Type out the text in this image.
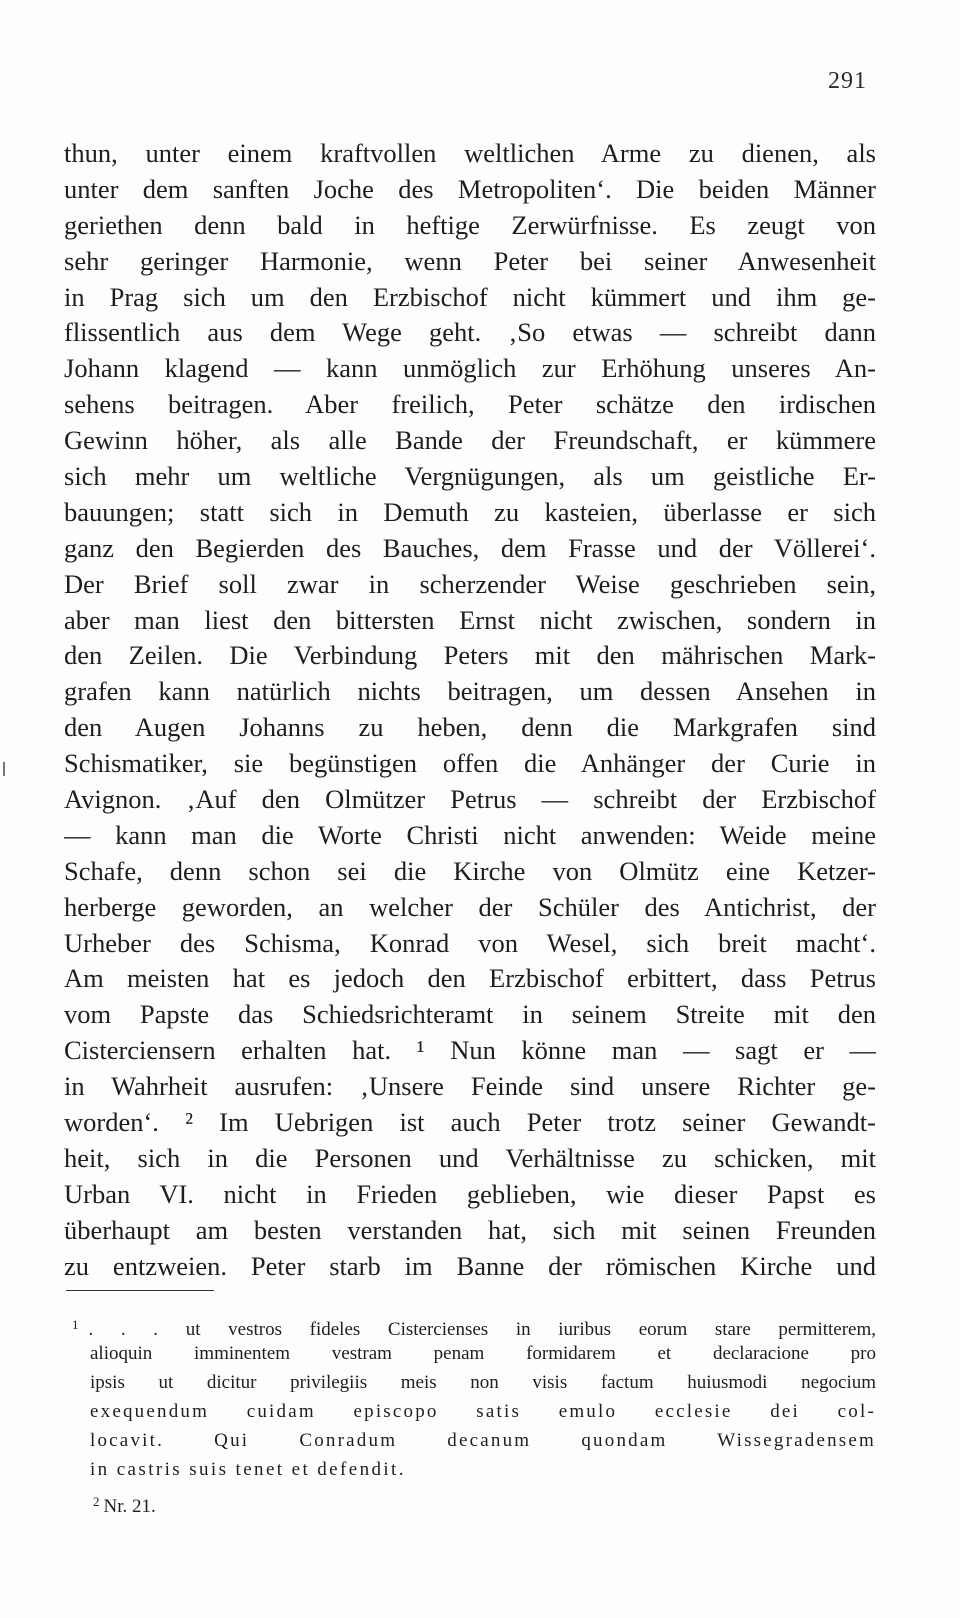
291
thun, unter einem kraftvollen weltlichen Arme zu dienen, als
unter dem sanften Joche des Metropoliten‘. Die beiden Männer
geriethen denn bald in heftige Zerwürfnisse. Es zeugt von
sehr geringer Harmonie, wenn Peter bei seiner Anwesenheit
in Prag sich um den Erzbischof nicht kümmert und ihm ge-
flissentlich aus dem Wege geht. ‚So etwas — schreibt dann
Johann klagend — kann unmöglich zur Erhöhung unseres An-
sehens beitragen. Aber freilich, Peter schätze den irdischen
Gewinn höher, als alle Bande der Freundschaft, er kümmere
sich mehr um weltliche Vergnügungen, als um geistliche Er-
bauungen; statt sich in Demuth zu kasteien, überlasse er sich
ganz den Begierden des Bauches, dem Frasse und der Völlerei‘.
Der Brief soll zwar in scherzender Weise geschrieben sein,
aber man liest den bittersten Ernst nicht zwischen, sondern in
den Zeilen. Die Verbindung Peters mit den mährischen Mark-
grafen kann natürlich nichts beitragen, um dessen Ansehen in
den Augen Johanns zu heben, denn die Markgrafen sind
Schismatiker, sie begünstigen offen die Anhänger der Curie in
Avignon. ‚Auf den Olmützer Petrus — schreibt der Erzbischof
— kann man die Worte Christi nicht anwenden: Weide meine
Schafe, denn schon sei die Kirche von Olmütz eine Ketzer-
herberge geworden, an welcher der Schüler des Antichrist, der
Urheber des Schisma, Konrad von Wesel, sich breit macht‘.
Am meisten hat es jedoch den Erzbischof erbittert, dass Petrus
vom Papste das Schiedsrichteramt in seinem Streite mit den
Cisterciensern erhalten hat. ¹ Nun könne man — sagt er —
in Wahrheit ausrufen: ‚Unsere Feinde sind unsere Richter ge-
worden‘. ² Im Uebrigen ist auch Peter trotz seiner Gewandt-
heit, sich in die Personen und Verhältnisse zu schicken, mit
Urban VI. nicht in Frieden geblieben, wie dieser Papst es
überhaupt am besten verstanden hat, sich mit seinen Freunden
zu entzweien. Peter starb im Banne der römischen Kirche und
$^1$ . . . ut vestros fideles Cistercienses in iuribus eorum stare permitterem,
alioquin imminentem vestram penam formidarem et declaracione pro
ipsis ut dicitur privilegiis meis non visis factum huiusmodi negocium
exequendum cuidam episcopo satis emulo ecclesie dei col-
locavit. Qui Conradum decanum quondam Wissegradensem
in castris suis tenet et defendit.
$^2$ Nr. 21.
